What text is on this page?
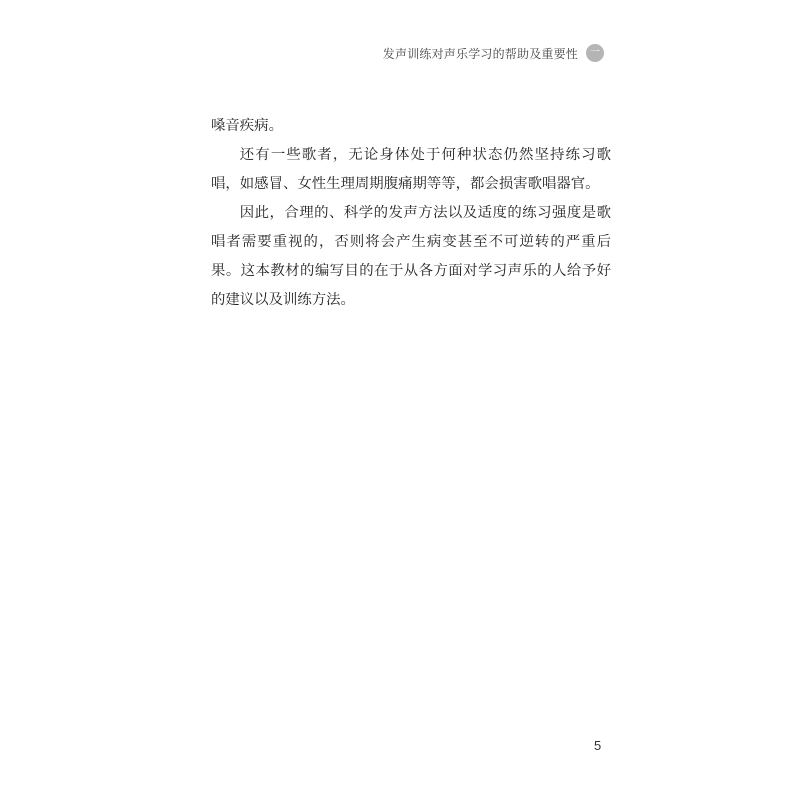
发声训练对声乐学习的帮助及重要性 一

嗓音疾病。

还有一些歌者，无论身体处于何种状态仍然坚持练习歌唱，如感冒、女性生理周期腹痛期等等，都会损害歌唱器官。

因此，合理的、科学的发声方法以及适度的练习强度是歌唱者需要重视的，否则将会产生病变甚至不可逆转的严重后果。这本教材的编写目的在于从各方面对学习声乐的人给予好的建议以及训练方法。

5
